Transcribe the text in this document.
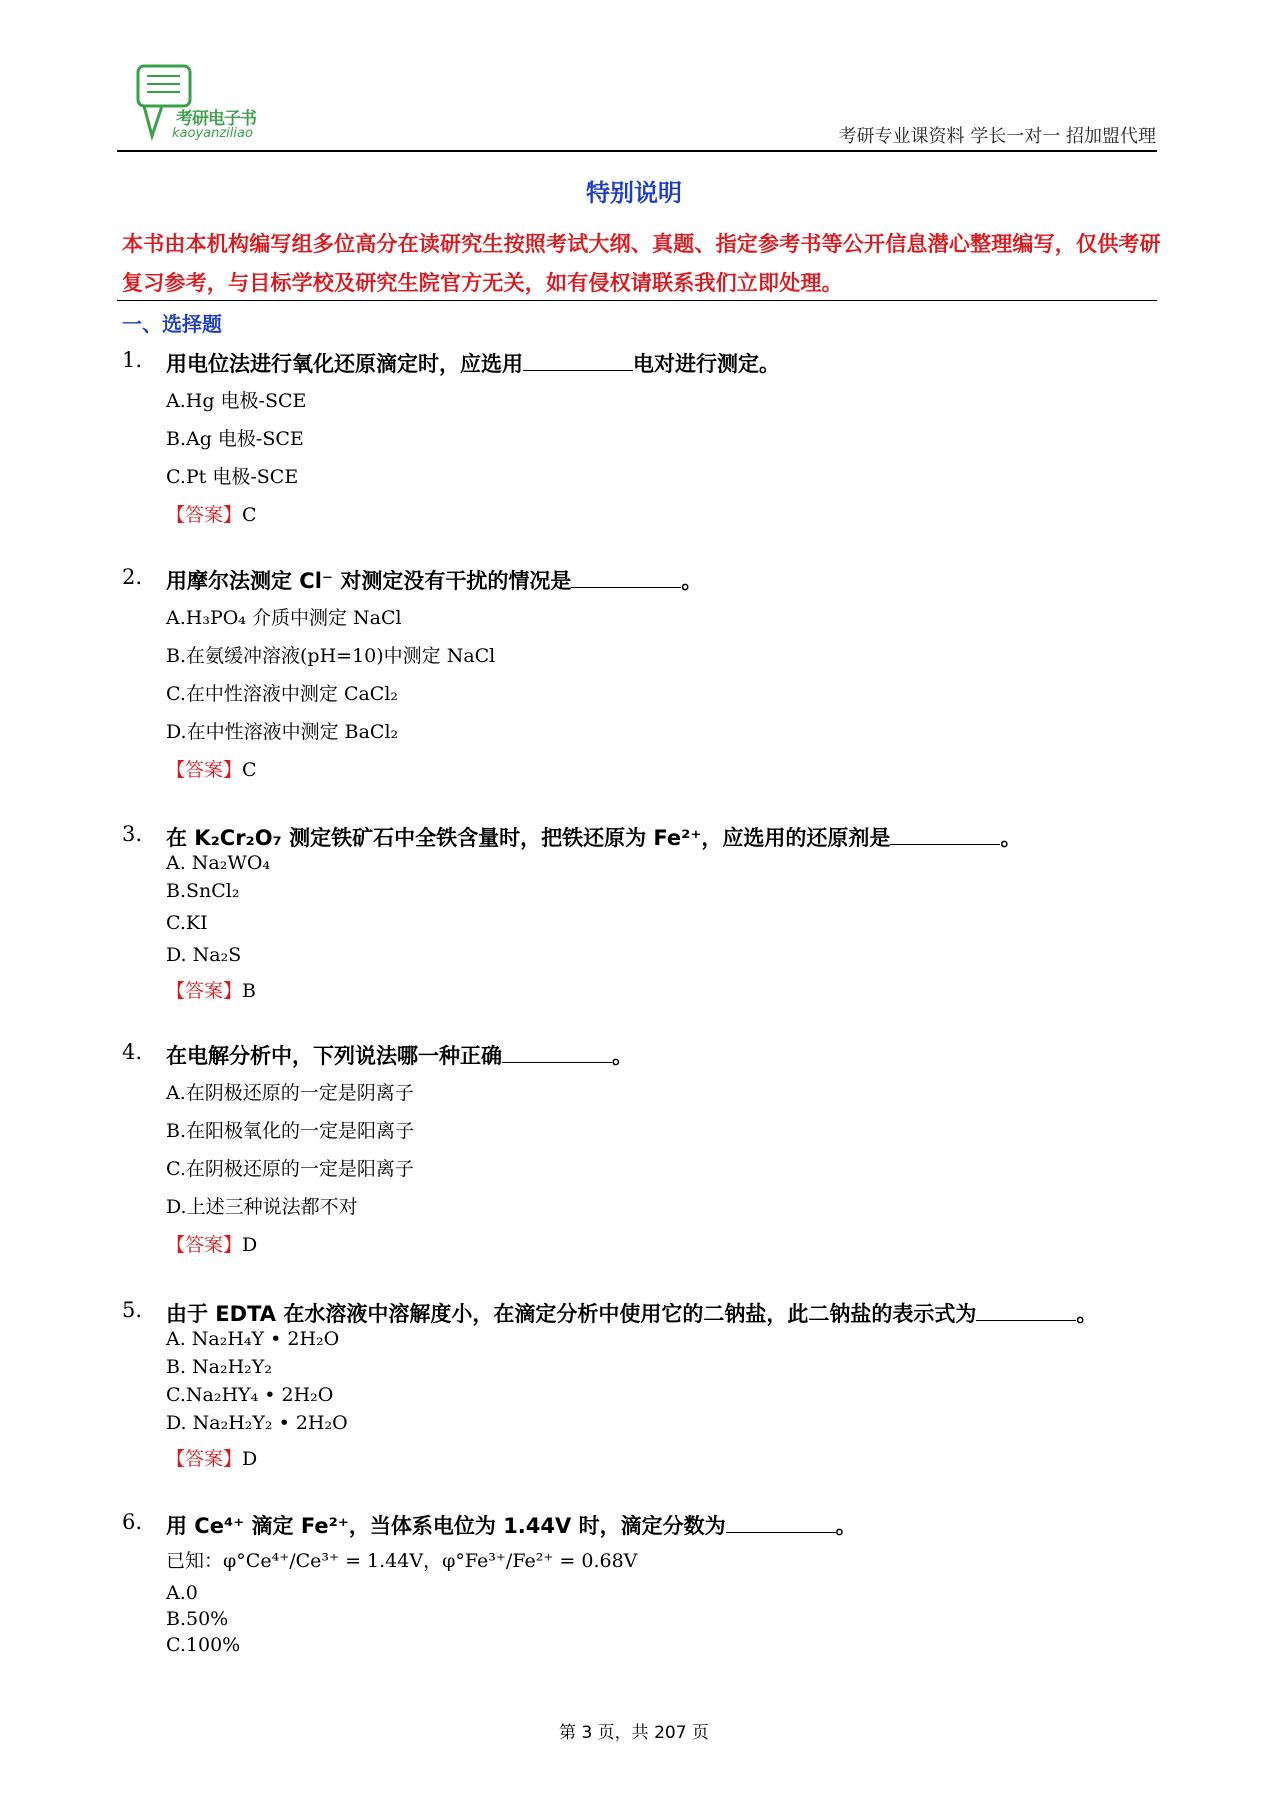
考研电子书
kaoyanziliao	考研专业课资料 学长一对一 招加盟代理
特别说明
本书由本机构编写组多位高分在读研究生按照考试大纲、真题、指定参考书等公开信息潜心整理编写，仅供考研复习参考，与目标学校及研究生院官方无关，如有侵权请联系我们立即处理。
一、选择题
1. 用电位法进行氧化还原滴定时，应选用	电对进行测定。
A.Hg 电极-SCE
B.Ag 电极-SCE
C.Pt 电极-SCE
【答案】C
2. 用摩尔法测定 Cl⁻ 对测定没有干扰的情况是	。
A.H₃PO₄ 介质中测定 NaCl
B.在氨缓冲溶液(pH=10)中测定 NaCl
C.在中性溶液中测定 CaCl₂
D.在中性溶液中测定 BaCl₂
【答案】C
3. 在 K₂Cr₂O₇ 测定铁矿石中全铁含量时，把铁还原为 Fe²⁺，应选用的还原剂是	。
A. Na₂WO₄
B.SnCl₂
C.KI
D. Na₂S
【答案】B
4. 在电解分析中，下列说法哪一种正确	。
A.在阴极还原的一定是阴离子
B.在阳极氧化的一定是阳离子
C.在阴极还原的一定是阳离子
D.上述三种说法都不对
【答案】D
5. 由于 EDTA 在水溶液中溶解度小，在滴定分析中使用它的二钠盐，此二钠盐的表示式为	。
A. Na₂H₄Y • 2H₂O
B. Na₂H₂Y₂
C.Na₂HY₄ • 2H₂O
D. Na₂H₂Y₂ • 2H₂O
【答案】D
6. 用 Ce⁴⁺ 滴定 Fe²⁺，当体系电位为 1.44V 时，滴定分数为	。
已知：φ°Ce⁴⁺/Ce³⁺ = 1.44V，φ°Fe³⁺/Fe²⁺ = 0.68V
A.0
B.50%
C.100%
第 3 页，共 207 页
